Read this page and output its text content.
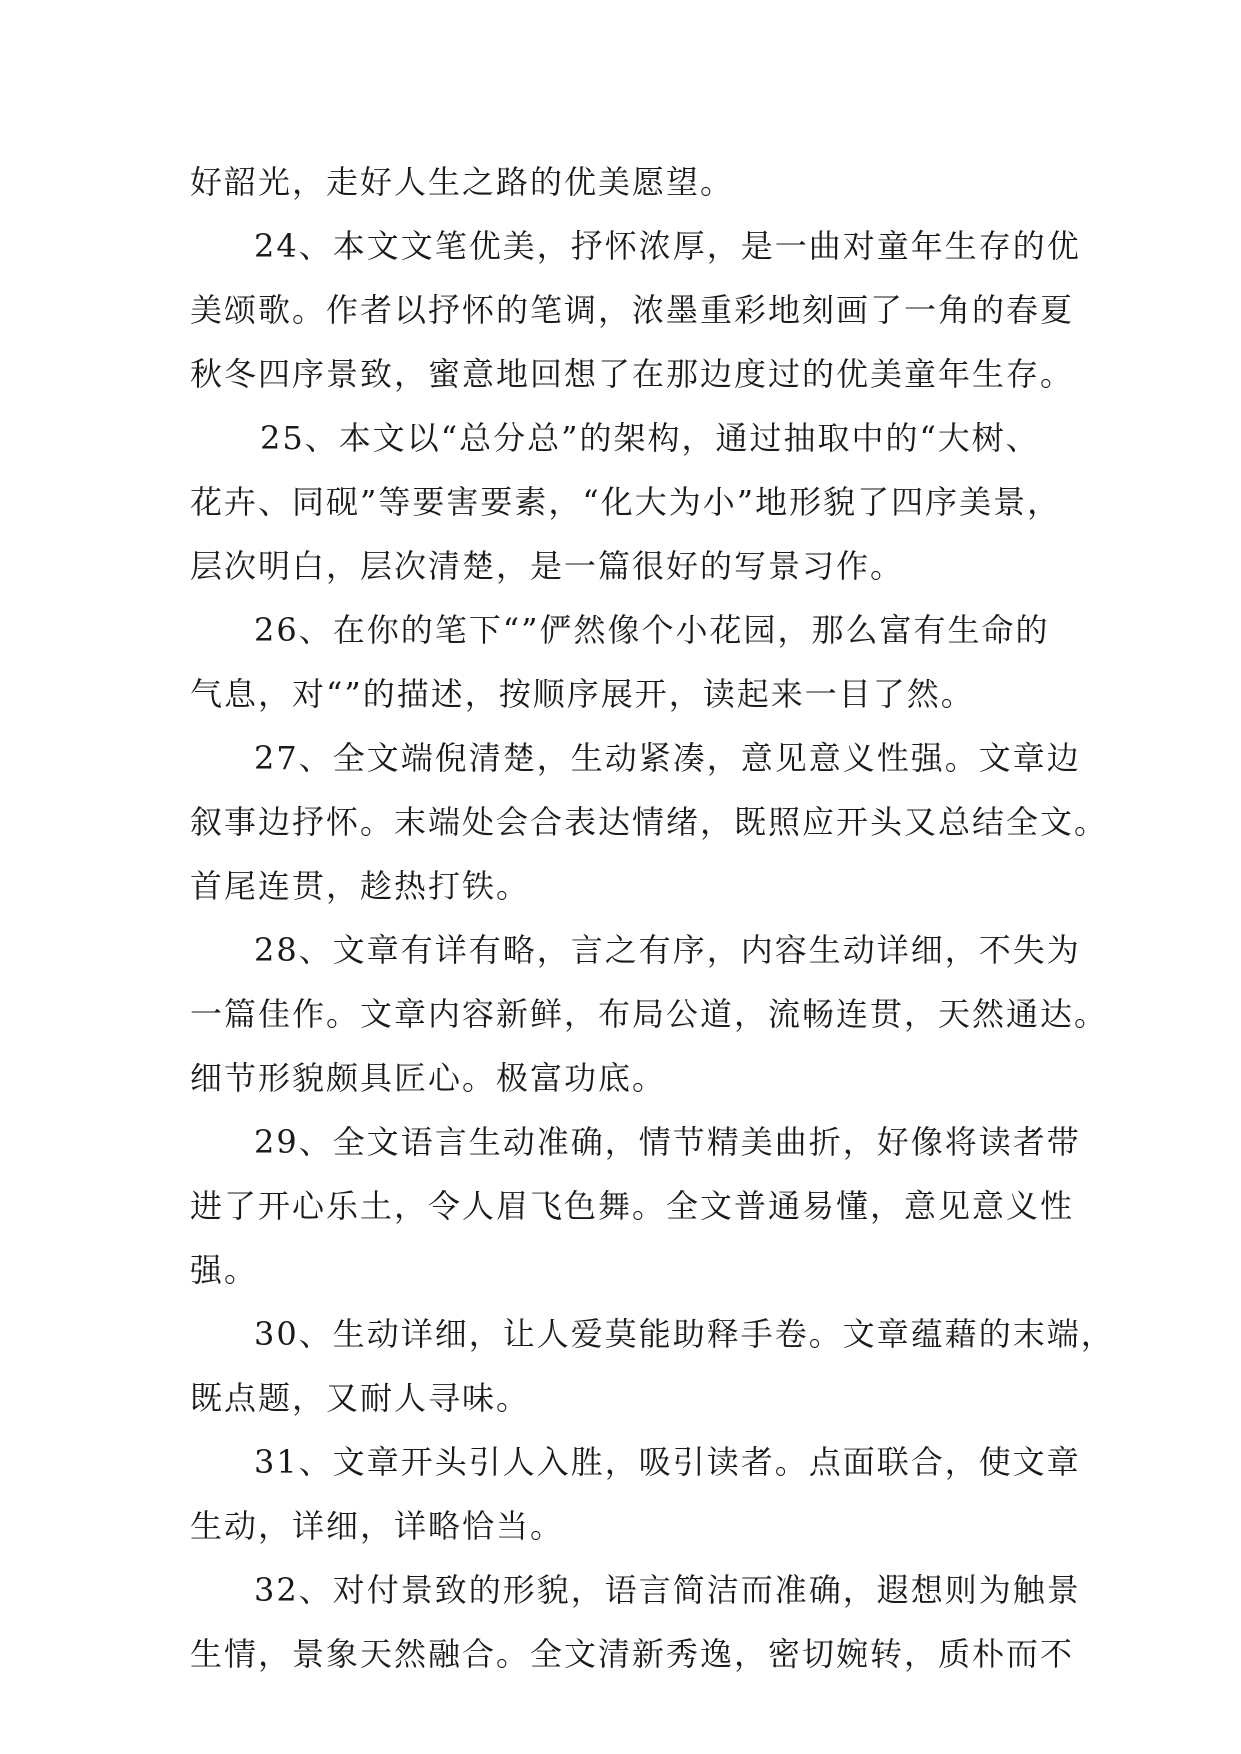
好韶光，走好人生之路的优美愿望。
24、本文文笔优美，抒怀浓厚，是一曲对童年生存的优
美颂歌。作者以抒怀的笔调，浓墨重彩地刻画了一角的春夏
秋冬四序景致，蜜意地回想了在那边度过的优美童年生存。
25、本文以“总分总”的架构，通过抽取中的“大树、
花卉、同砚”等要害要素，“化大为小”地形貌了四序美景，
层次明白，层次清楚，是一篇很好的写景习作。
26、在你的笔下“”俨然像个小花园，那么富有生命的
气息，对“”的描述，按顺序展开，读起来一目了然。
27、全文端倪清楚，生动紧凑，意见意义性强。文章边
叙事边抒怀。末端处会合表达情绪，既照应开头又总结全文。
首尾连贯，趁热打铁。
28、文章有详有略，言之有序，内容生动详细，不失为
一篇佳作。文章内容新鲜，布局公道，流畅连贯，天然通达。
细节形貌颇具匠心。极富功底。
29、全文语言生动准确，情节精美曲折，好像将读者带
进了开心乐土，令人眉飞色舞。全文普通易懂，意见意义性
强。
30、生动详细，让人爱莫能助释手卷。文章蕴藉的末端，
既点题，又耐人寻味。
31、文章开头引人入胜，吸引读者。点面联合，使文章
生动，详细，详略恰当。
32、对付景致的形貌，语言简洁而准确，遐想则为触景
生情，景象天然融合。全文清新秀逸，密切婉转，质朴而不
